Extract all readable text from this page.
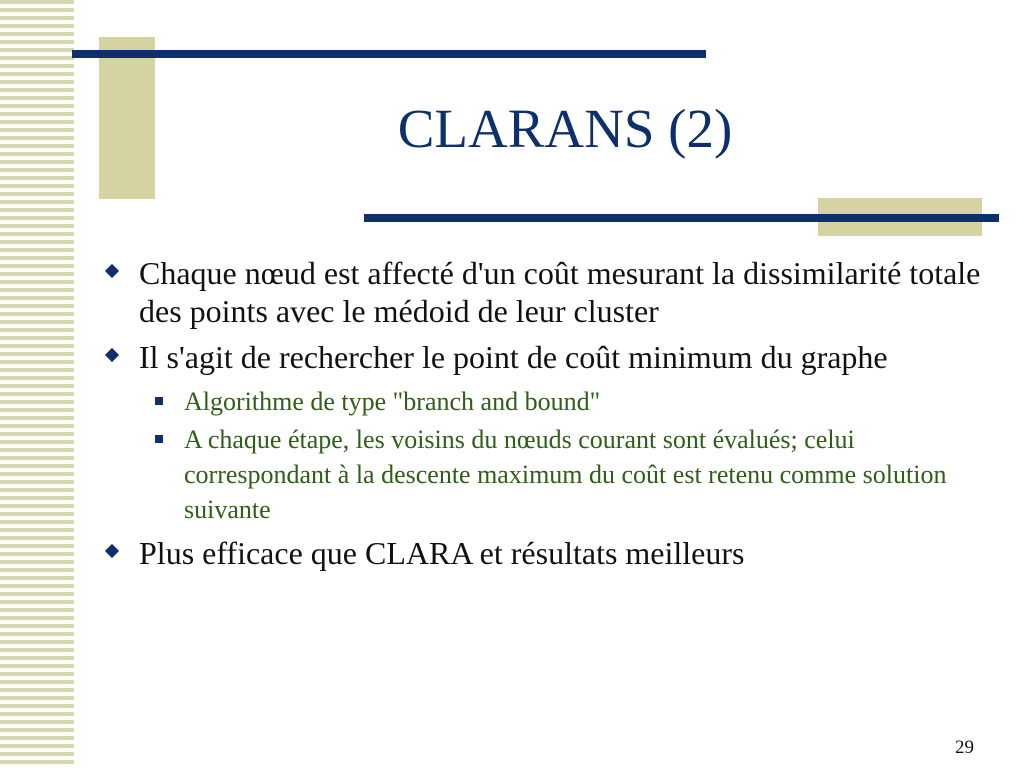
CLARANS (2)
Chaque nœud est affecté d'un coût mesurant la dissimilarité totale des points avec le médoid de leur cluster
Il s'agit de rechercher le point de coût minimum du graphe
Algorithme de type "branch and bound"
A chaque étape, les voisins du nœuds courant sont évalués; celui correspondant à la descente maximum du coût est retenu comme solution suivante
Plus efficace que CLARA et résultats meilleurs
29
